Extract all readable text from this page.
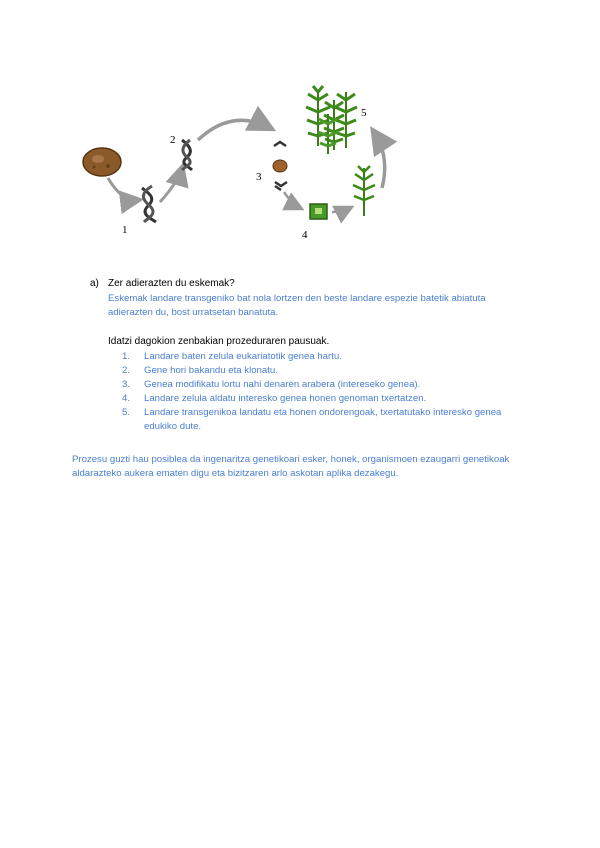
1
2
3
4
5
a) Zer adierazten du eskemak?
Eskemak landare transgeniko bat nola lortzen den beste landare espezie batetik abiatuta adierazten du, bost urratsetan banatuta.
Idatzi dagokion zenbakian prozeduraren pausuak.
1.	Landare baten zelula eukariatotik genea hartu.
2.	Gene hori bakandu eta klonatu.
3.	Genea modifikatu lortu nahi denaren arabera (intereseko genea).
4.	Landare zelula aldatu interesko genea honen genoman txertatzen.
5.	Landare transgenikoa landatu eta honen ondorengoak, txertatutako interesko genea edukiko dute.
Prozesu guzti hau posiblea da ingenaritza genetikoari esker, honek, organismoen ezaugarri genetikoak aldarazteko aukera ematen digu eta bizitzaren arlo askotan aplika dezakegu.
